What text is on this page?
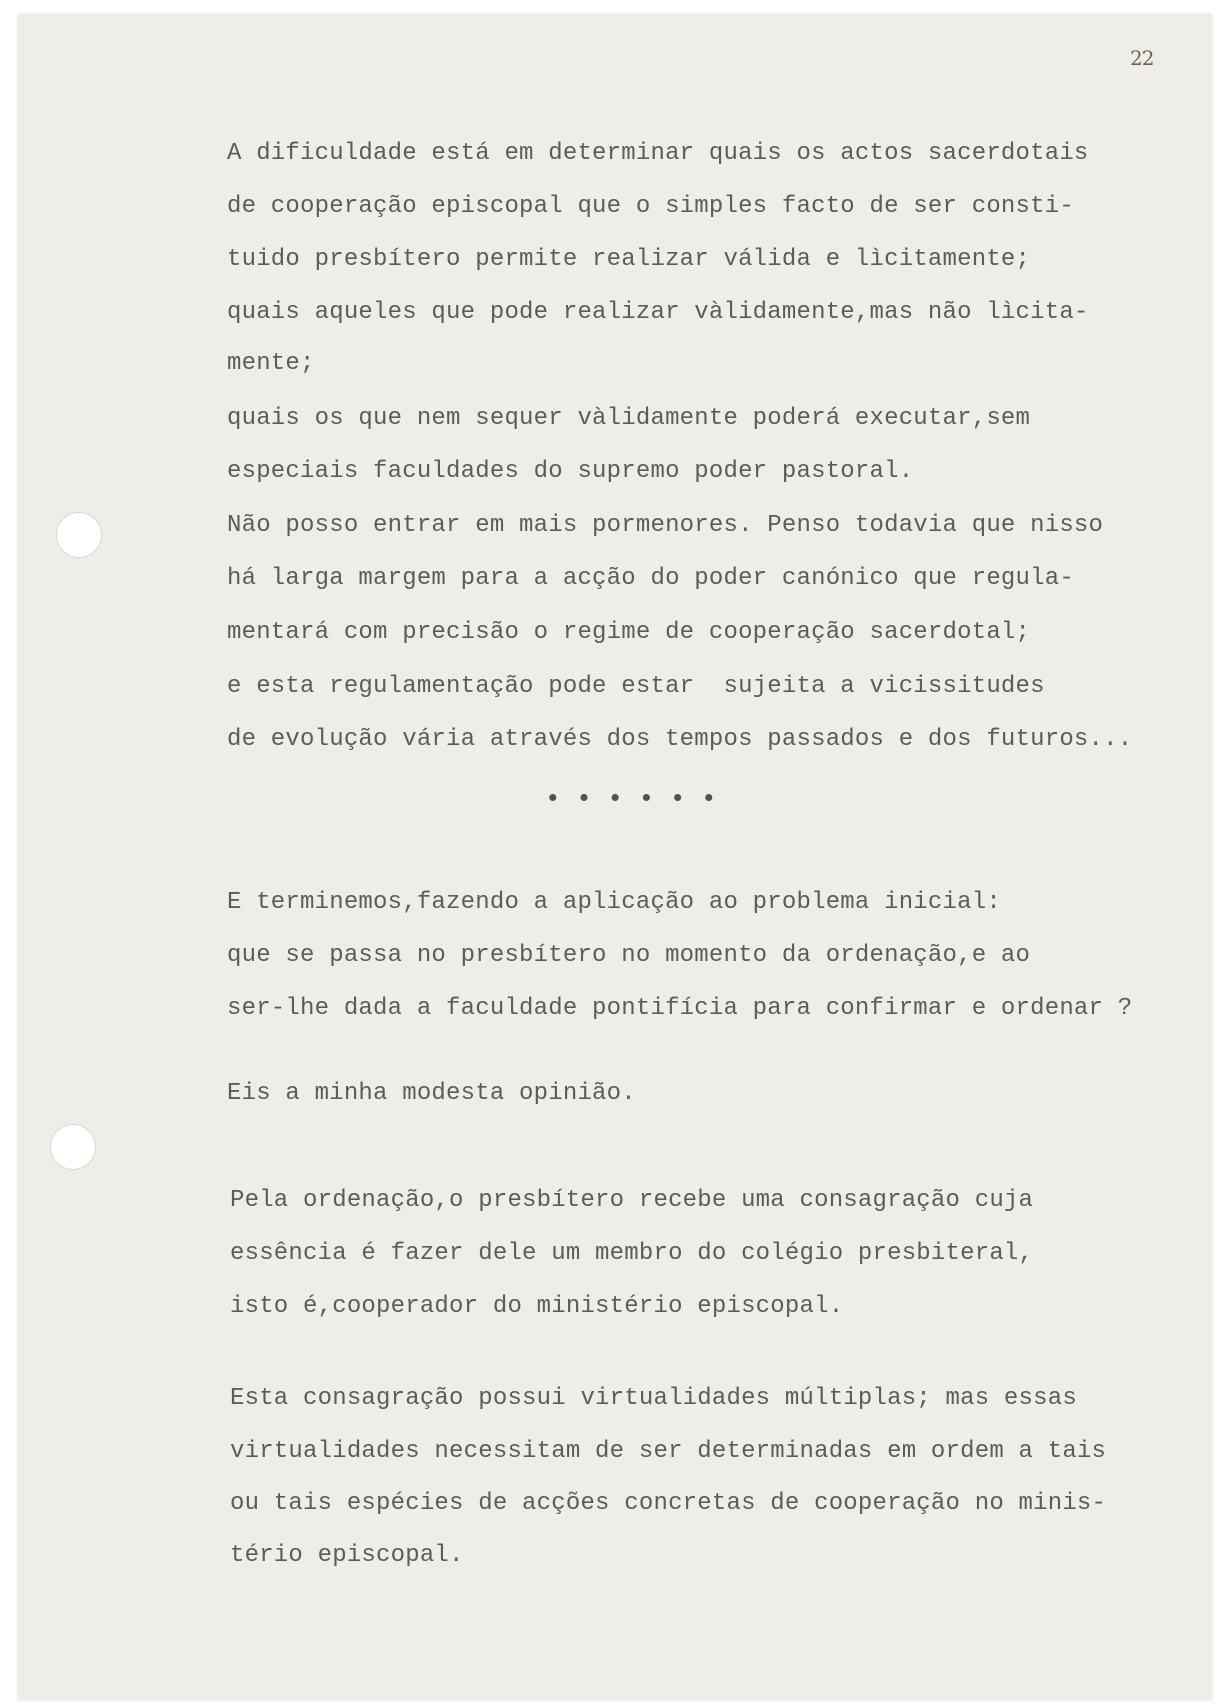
22
A dificuldade está em determinar quais os actos sacerdotais
de cooperação episcopal que o simples facto de ser consti-
tuido presbítero permite realizar válida e lìcitamente;
quais aqueles que pode realizar vàlidamente,mas não lìcita-
mente;
quais os que nem sequer vàlidamente poderá executar,sem
especiais faculdades do supremo poder pastoral.
Não posso entrar em mais pormenores. Penso todavia que nisso
há larga margem para a acção do poder canónico que regula-
mentará com precisão o regime de cooperação sacerdotal;
e esta regulamentação pode estar  sujeita a vicissitudes
de evolução vária através dos tempos passados e dos futuros...
• • • • • •
E terminemos,fazendo a aplicação ao problema inicial:
que se passa no presbítero no momento da ordenação,e ao
ser-lhe dada a faculdade pontifícia para confirmar e ordenar ?
Eis a minha modesta opinião.
Pela ordenação,o presbítero recebe uma consagração cuja
essência é fazer dele um membro do colégio presbiteral,
isto é,cooperador do ministério episcopal.
Esta consagração possui virtualidades múltiplas; mas essas
virtualidades necessitam de ser determinadas em ordem a tais
ou tais espécies de acções concretas de cooperação no minis-
tério episcopal.
